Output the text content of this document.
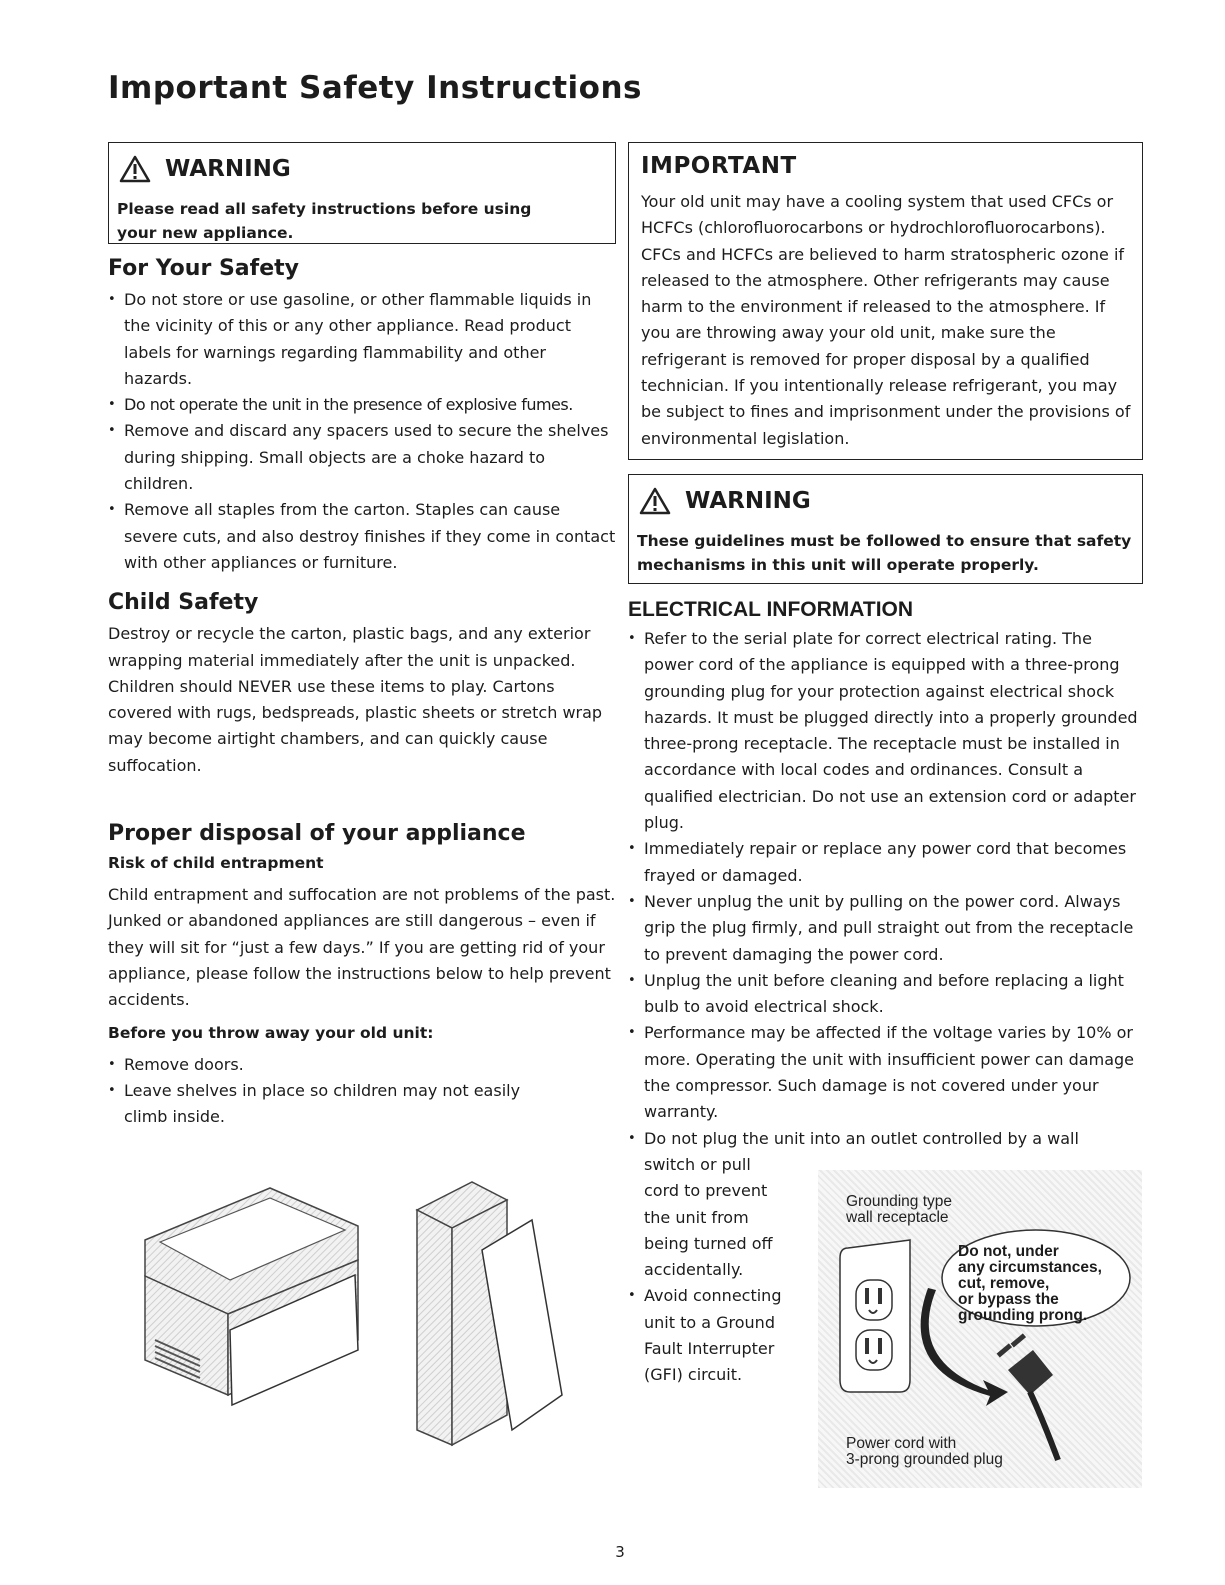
Important Safety Instructions
WARNING
Please read all safety instructions before using your new appliance.
For Your Safety
• Do not store or use gasoline, or other flammable liquids in the vicinity of this or any other appliance. Read product labels for warnings regarding flammability and other hazards.
• Do not operate the unit in the presence of explosive fumes.
• Remove and discard any spacers used to secure the shelves during shipping. Small objects are a choke hazard to children.
• Remove all staples from the carton. Staples can cause severe cuts, and also destroy finishes if they come in contact with other appliances or furniture.
Child Safety
Destroy or recycle the carton, plastic bags, and any exterior wrapping material immediately after the unit is unpacked. Children should NEVER use these items to play. Cartons covered with rugs, bedspreads, plastic sheets or stretch wrap may become airtight chambers, and can quickly cause suffocation.
Proper disposal of your appliance
Risk of child entrapment
Child entrapment and suffocation are not problems of the past. Junked or abandoned appliances are still dangerous – even if they will sit for “just a few days.” If you are getting rid of your appliance, please follow the instructions below to help prevent accidents.
Before you throw away your old unit:
• Remove doors.
• Leave shelves in place so children may not easily climb inside.
IMPORTANT
Your old unit may have a cooling system that used CFCs or HCFCs (chlorofluorocarbons or hydrochlorofluorocarbons). CFCs and HCFCs are believed to harm stratospheric ozone if released to the atmosphere. Other refrigerants may cause harm to the environment if released to the atmosphere. If you are throwing away your old unit, make sure the refrigerant is removed for proper disposal by a qualified technician. If you intentionally release refrigerant, you may be subject to fines and imprisonment under the provisions of environmental legislation.
WARNING
These guidelines must be followed to ensure that safety mechanisms in this unit will operate properly.
ELECTRICAL INFORMATION
• Refer to the serial plate for correct electrical rating. The power cord of the appliance is equipped with a three-prong grounding plug for your protection against electrical shock hazards. It must be plugged directly into a properly grounded three-prong receptacle. The receptacle must be installed in accordance with local codes and ordinances. Consult a qualified electrician. Do not use an extension cord or adapter plug.
• Immediately repair or replace any power cord that becomes frayed or damaged.
• Never unplug the unit by pulling on the power cord. Always grip the plug firmly, and pull straight out from the receptacle to prevent damaging the power cord.
• Unplug the unit before cleaning and before replacing a light bulb to avoid electrical shock.
• Performance may be affected if the voltage varies by 10% or more. Operating the unit with insufficient power can damage the compressor. Such damage is not covered under your warranty.
• Do not plug the unit into an outlet controlled by a wall
switch or pull
cord to prevent
the unit from
being turned off
accidentally.
• Avoid connecting
unit to a Ground
Fault Interrupter
(GFI) circuit.
Grounding type
wall receptacle
Do not, under
any circumstances,
cut, remove,
or bypass the
grounding prong.
Power cord with
3-prong grounded plug
3
